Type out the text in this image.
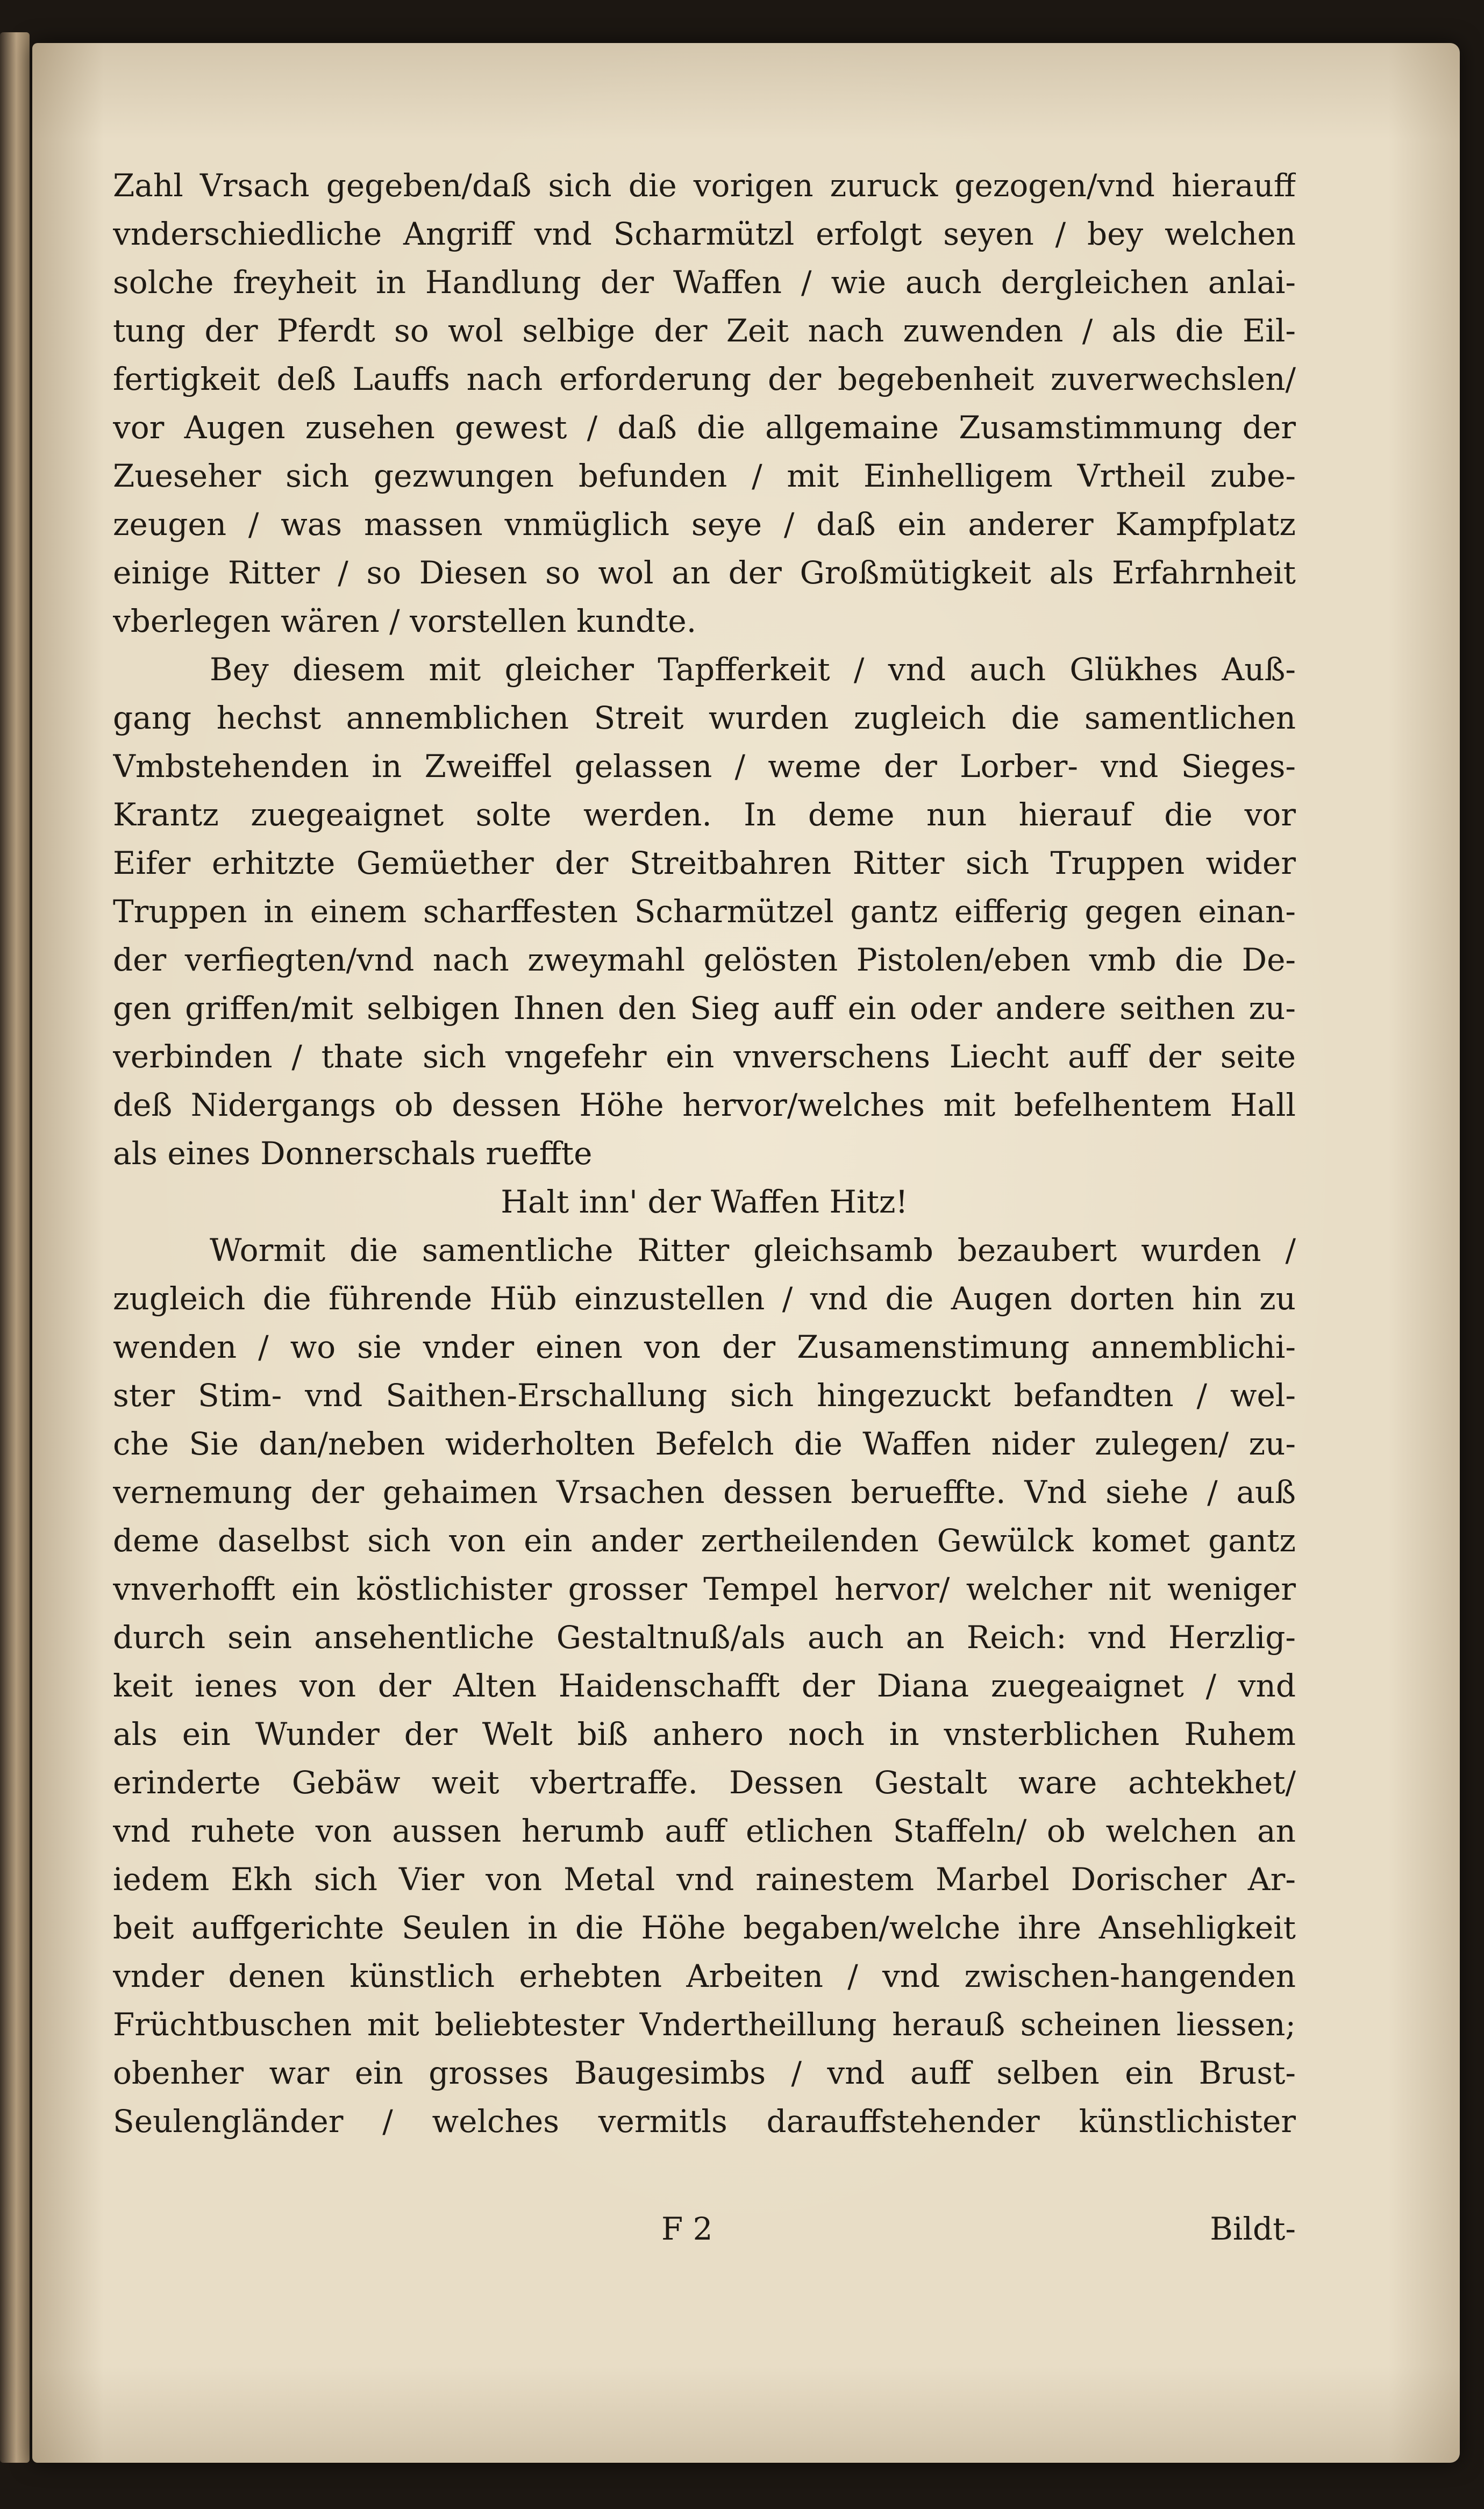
Zahl Vrsach gegeben/daß sich die vorigen zuruck gezogen/vnd hierauff
vnderschiedliche Angriff vnd Scharmützl erfolgt seyen / bey welchen
solche freyheit in Handlung der Waffen / wie auch dergleichen anlai-
tung der Pferdt so wol selbige der Zeit nach zuwenden / als die Eil-
fertigkeit deß Lauffs nach erforderung der begebenheit zuverwechslen/
vor Augen zusehen gewest / daß die allgemaine Zusamstimmung der
Zueseher sich gezwungen befunden / mit Einhelligem Vrtheil zube-
zeugen / was massen vnmüglich seye / daß ein anderer Kampfplatz
einige Ritter / so Diesen so wol an der Großmütigkeit als Erfahrnheit
vberlegen wären / vorstellen kundte.
Bey diesem mit gleicher Tapfferkeit / vnd auch Glükhes Auß-
gang hechst annemblichen Streit wurden zugleich die samentlichen
Vmbstehenden in Zweiffel gelassen / weme der Lorber- vnd Sieges-
Krantz zuegeaignet solte werden. In deme nun hierauf die vor
Eifer erhitzte Gemüether der Streitbahren Ritter sich Truppen wider
Truppen in einem scharffesten Scharmützel gantz eifferig gegen einan-
der verfiegten/vnd nach zweymahl gelösten Pistolen/eben vmb die De-
gen griffen/mit selbigen Ihnen den Sieg auff ein oder andere seithen zu-
verbinden / thate sich vngefehr ein vnverschens Liecht auff der seite
deß Nidergangs ob dessen Höhe hervor/welches mit befelhentem Hall
als eines Donnerschals rueffte
Halt inn' der Waffen Hitz!
Wormit die samentliche Ritter gleichsamb bezaubert wurden /
zugleich die führende Hüb einzustellen / vnd die Augen dorten hin zu
wenden / wo sie vnder einen von der Zusamenstimung annemblichi-
ster Stim- vnd Saithen-Erschallung sich hingezuckt befandten / wel-
che Sie dan/neben widerholten Befelch die Waffen nider zulegen/ zu-
vernemung der gehaimen Vrsachen dessen berueffte. Vnd siehe / auß
deme daselbst sich von ein ander zertheilenden Gewülck komet gantz
vnverhofft ein köstlichister grosser Tempel hervor/ welcher nit weniger
durch sein ansehentliche Gestaltnuß/als auch an Reich: vnd Herzlig-
keit ienes von der Alten Haidenschafft der Diana zuegeaignet / vnd
als ein Wunder der Welt biß anhero noch in vnsterblichen Ruhem
erinderte Gebäw weit vbertraffe. Dessen Gestalt ware achtekhet/
vnd ruhete von aussen herumb auff etlichen Staffeln/ ob welchen an
iedem Ekh sich Vier von Metal vnd rainestem Marbel Dorischer Ar-
beit auffgerichte Seulen in die Höhe begaben/welche ihre Ansehligkeit
vnder denen künstlich erhebten Arbeiten / vnd zwischen-hangenden
Früchtbuschen mit beliebtester Vndertheillung herauß scheinen liessen;
obenher war ein grosses Baugesimbs / vnd auff selben ein Brust-
Seulengländer / welches vermitls darauffstehender künstlichister
F 2	Bildt-
